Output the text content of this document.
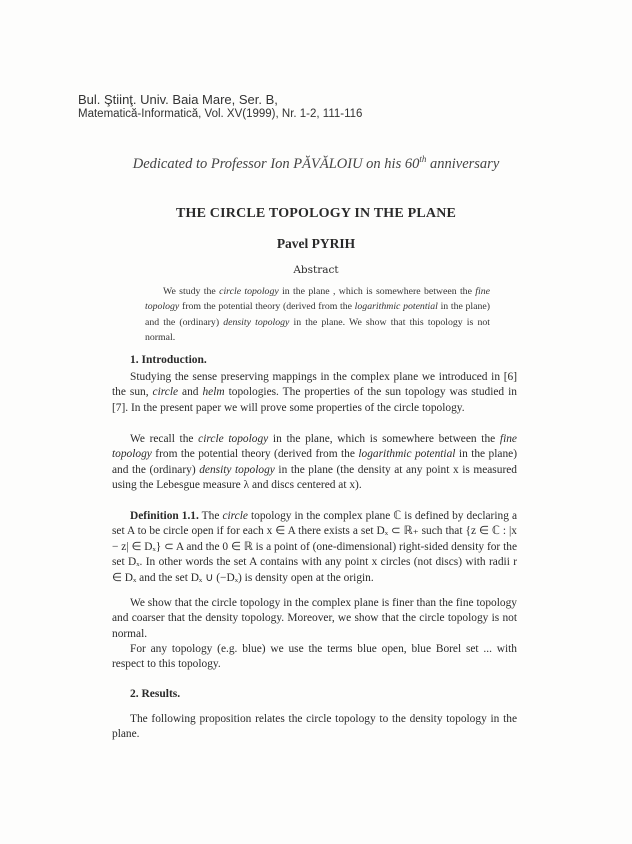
Bul. Ştiinţ. Univ. Baia Mare, Ser. B,
Matematică-Informatică, Vol. XV(1999), Nr. 1-2, 111-116
Dedicated to Professor Ion PĂVĂLOIU on his 60th anniversary
THE CIRCLE TOPOLOGY IN THE PLANE
Pavel PYRIH
Abstract
We study the circle topology in the plane , which is somewhere between the fine topology from the potential theory (derived from the logarithmic potential in the plane) and the (ordinary) density topology in the plane. We show that this topology is not normal.
1. Introduction.
Studying the sense preserving mappings in the complex plane we introduced in [6] the sun, circle and helm topologies. The properties of the sun topology was studied in [7]. In the present paper we will prove some properties of the circle topology.
We recall the circle topology in the plane, which is somewhere between the fine topology from the potential theory (derived from the logarithmic potential in the plane) and the (ordinary) density topology in the plane (the density at any point x is measured using the Lebesgue measure λ and discs centered at x).
Definition 1.1. The circle topology in the complex plane ℂ is defined by declaring a set A to be circle open if for each x ∈ A there exists a set Dₓ ⊂ ℝ₊ such that {z ∈ ℂ : |x − z| ∈ Dₓ} ⊂ A and the 0 ∈ ℝ is a point of (one-dimensional) right-sided density for the set Dₓ. In other words the set A contains with any point x circles (not discs) with radii r ∈ Dₓ and the set Dₓ ∪ (−Dₓ) is density open at the origin.
We show that the circle topology in the complex plane is finer than the fine topology and coarser that the density topology. Moreover, we show that the circle topology is not normal.
For any topology (e.g. blue) we use the terms blue open, blue Borel set ... with respect to this topology.
2. Results.
The following proposition relates the circle topology to the density topology in the plane.
